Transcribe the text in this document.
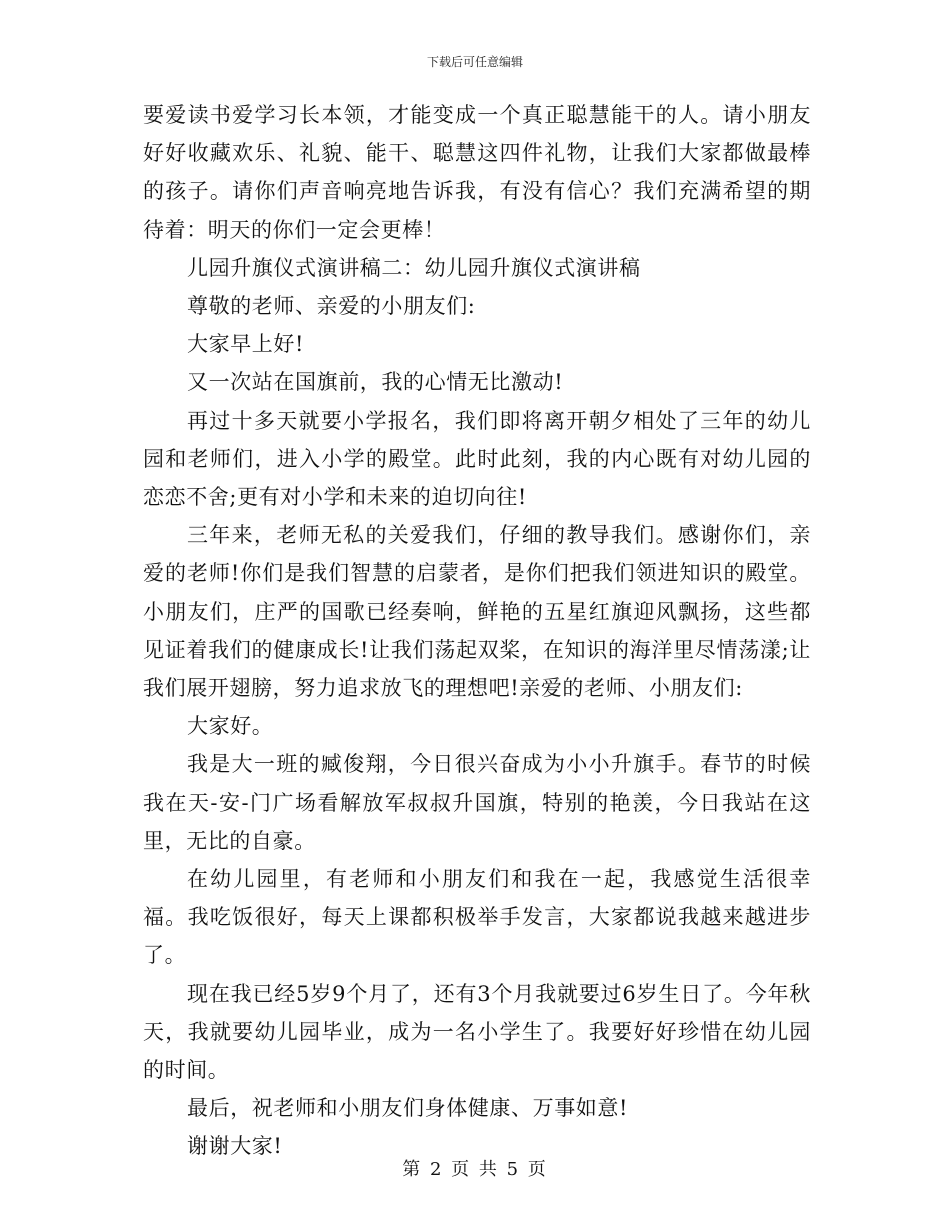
下载后可任意编辑

要爱读书爱学习长本领，才能变成一个真正聪慧能干的人。请小朋友好好收藏欢乐、礼貌、能干、聪慧这四件礼物，让我们大家都做最棒的孩子。请你们声音响亮地告诉我，有没有信心？我们充满希望的期待着：明天的你们一定会更棒！

儿园升旗仪式演讲稿二：幼儿园升旗仪式演讲稿

尊敬的老师、亲爱的小朋友们:

大家早上好!

又一次站在国旗前，我的心情无比激动!

再过十多天就要小学报名，我们即将离开朝夕相处了三年的幼儿园和老师们，进入小学的殿堂。此时此刻，我的内心既有对幼儿园的恋恋不舍;更有对小学和未来的迫切向往!

三年来，老师无私的关爱我们，仔细的教导我们。感谢你们，亲爱的老师!你们是我们智慧的启蒙者，是你们把我们领进知识的殿堂。小朋友们，庄严的国歌已经奏响，鲜艳的五星红旗迎风飘扬，这些都见证着我们的健康成长!让我们荡起双桨，在知识的海洋里尽情荡漾;让我们展开翅膀，努力追求放飞的理想吧!亲爱的老师、小朋友们:

大家好。

我是大一班的臧俊翔，今日很兴奋成为小小升旗手。春节的时候我在天-安-门广场看解放军叔叔升国旗，特别的艳羡，今日我站在这里，无比的自豪。

在幼儿园里，有老师和小朋友们和我在一起，我感觉生活很幸福。我吃饭很好，每天上课都积极举手发言，大家都说我越来越进步了。

现在我已经5岁9个月了，还有3个月我就要过6岁生日了。今年秋天，我就要幼儿园毕业，成为一名小学生了。我要好好珍惜在幼儿园的时间。

最后，祝老师和小朋友们身体健康、万事如意!

谢谢大家!

第 2 页 共 5 页
